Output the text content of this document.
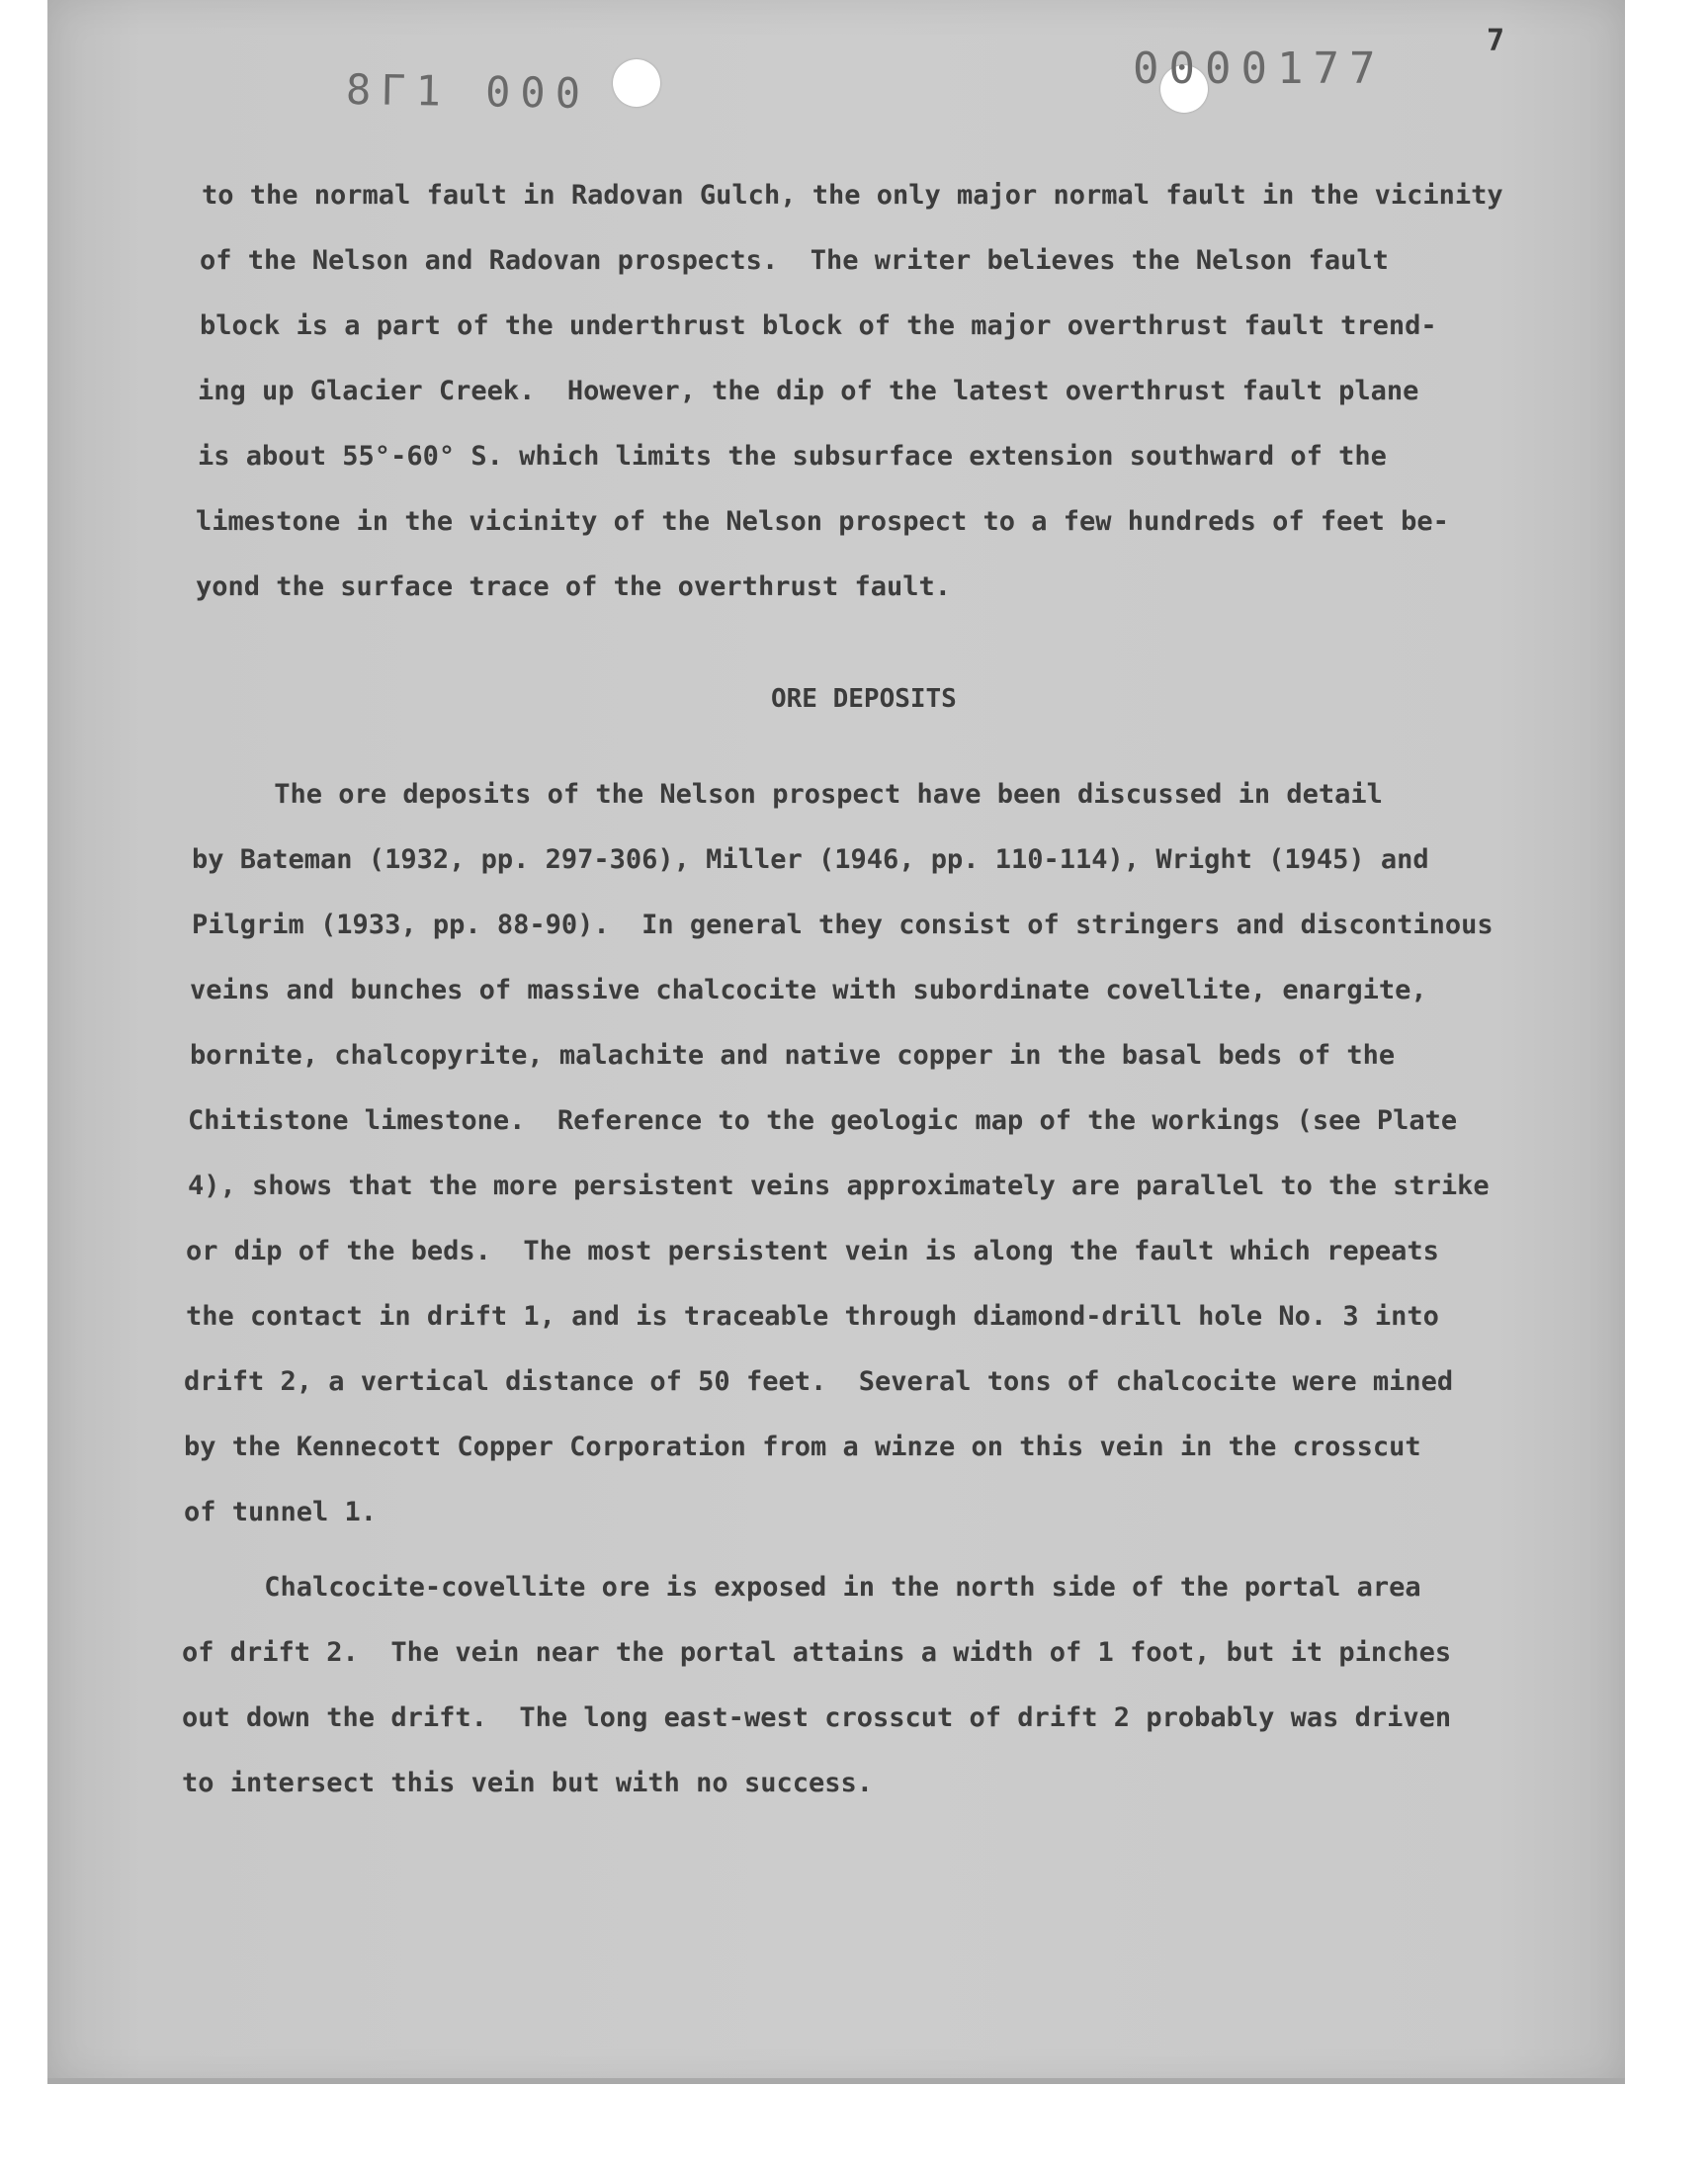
8Г1 000	0000177
7
to the normal fault in Radovan Gulch, the only major normal fault in the vicinity
of the Nelson and Radovan prospects.  The writer believes the Nelson fault
block is a part of the underthrust block of the major overthrust fault trend-
ing up Glacier Creek.  However, the dip of the latest overthrust fault plane
is about 55°-60° S. which limits the subsurface extension southward of the
limestone in the vicinity of the Nelson prospect to a few hundreds of feet be-
yond the surface trace of the overthrust fault.
ORE DEPOSITS
The ore deposits of the Nelson prospect have been discussed in detail
by Bateman (1932, pp. 297-306), Miller (1946, pp. 110-114), Wright (1945) and
Pilgrim (1933, pp. 88-90).  In general they consist of stringers and discontinous
veins and bunches of massive chalcocite with subordinate covellite, enargite,
bornite, chalcopyrite, malachite and native copper in the basal beds of the
Chitistone limestone.  Reference to the geologic map of the workings (see Plate
4), shows that the more persistent veins approximately are parallel to the strike
or dip of the beds.  The most persistent vein is along the fault which repeats
the contact in drift 1, and is traceable through diamond-drill hole No. 3 into
drift 2, a vertical distance of 50 feet.  Several tons of chalcocite were mined
by the Kennecott Copper Corporation from a winze on this vein in the crosscut
of tunnel 1.
Chalcocite-covellite ore is exposed in the north side of the portal area
of drift 2.  The vein near the portal attains a width of 1 foot, but it pinches
out down the drift.  The long east-west crosscut of drift 2 probably was driven
to intersect this vein but with no success.
